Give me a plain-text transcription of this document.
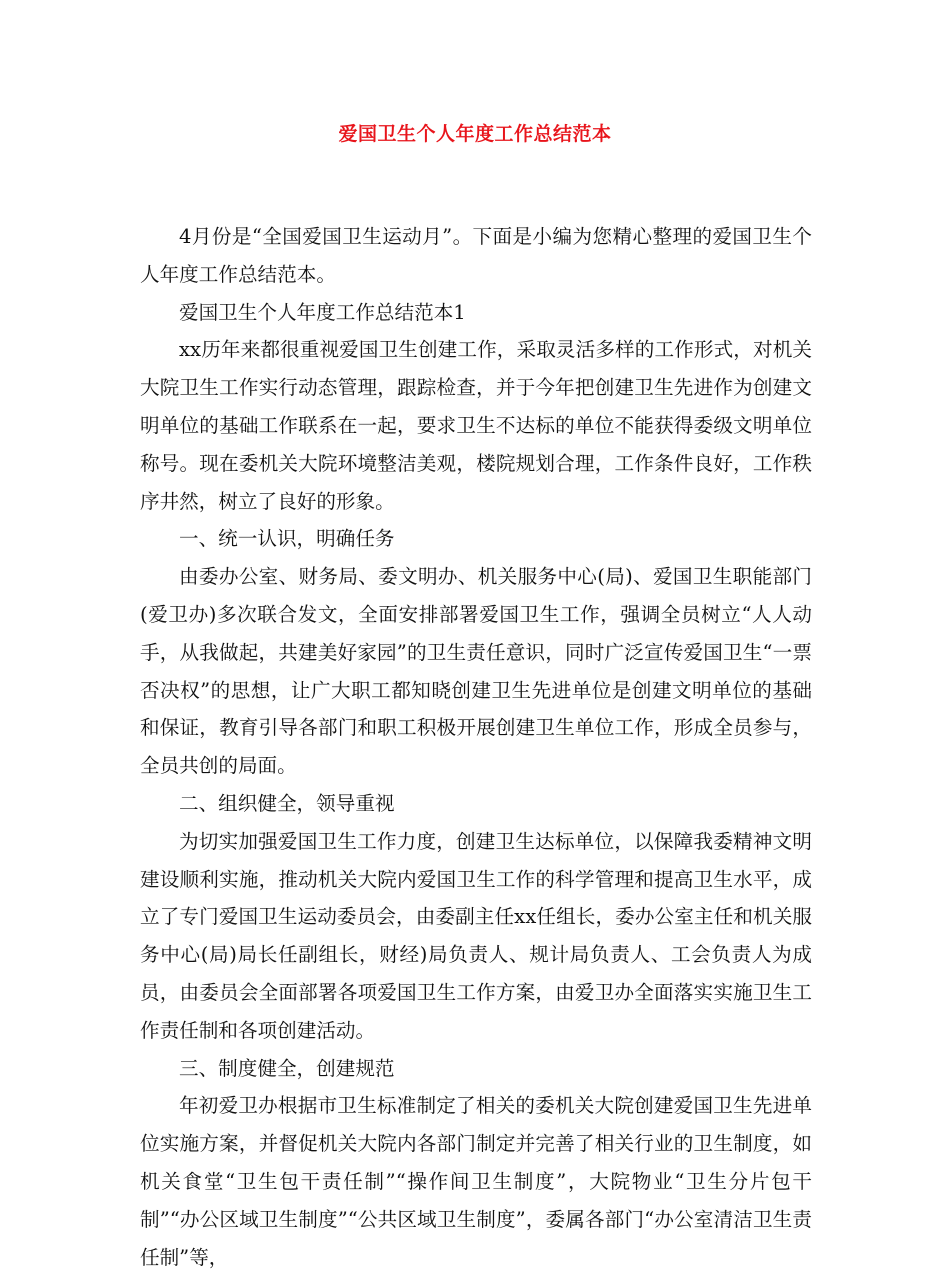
爱国卫生个人年度工作总结范本

4月份是“全国爱国卫生运动月”。下面是小编为您精心整理的爱国卫生个人年度工作总结范本。

爱国卫生个人年度工作总结范本1

xx历年来都很重视爱国卫生创建工作，采取灵活多样的工作形式，对机关大院卫生工作实行动态管理，跟踪检查，并于今年把创建卫生先进作为创建文明单位的基础工作联系在一起，要求卫生不达标的单位不能获得委级文明单位称号。现在委机关大院环境整洁美观，楼院规划合理，工作条件良好，工作秩序井然，树立了良好的形象。

一、统一认识，明确任务

由委办公室、财务局、委文明办、机关服务中心(局)、爱国卫生职能部门(爱卫办)多次联合发文，全面安排部署爱国卫生工作，强调全员树立“人人动手，从我做起，共建美好家园”的卫生责任意识，同时广泛宣传爱国卫生“一票否决权”的思想，让广大职工都知晓创建卫生先进单位是创建文明单位的基础和保证，教育引导各部门和职工积极开展创建卫生单位工作，形成全员参与，全员共创的局面。

二、组织健全，领导重视

为切实加强爱国卫生工作力度，创建卫生达标单位，以保障我委精神文明建设顺利实施，推动机关大院内爱国卫生工作的科学管理和提高卫生水平，成立了专门爱国卫生运动委员会，由委副主任xx任组长，委办公室主任和机关服务中心(局)局长任副组长，财经)局负责人、规计局负责人、工会负责人为成员，由委员会全面部署各项爱国卫生工作方案，由爱卫办全面落实实施卫生工作责任制和各项创建活动。

三、制度健全，创建规范

年初爱卫办根据市卫生标准制定了相关的委机关大院创建爱国卫生先进单位实施方案，并督促机关大院内各部门制定并完善了相关行业的卫生制度，如机关食堂“卫生包干责任制”“操作间卫生制度”，大院物业“卫生分片包干制”“办公区域卫生制度”“公共区域卫生制度”，委属各部门“办公室清洁卫生责任制”等，
